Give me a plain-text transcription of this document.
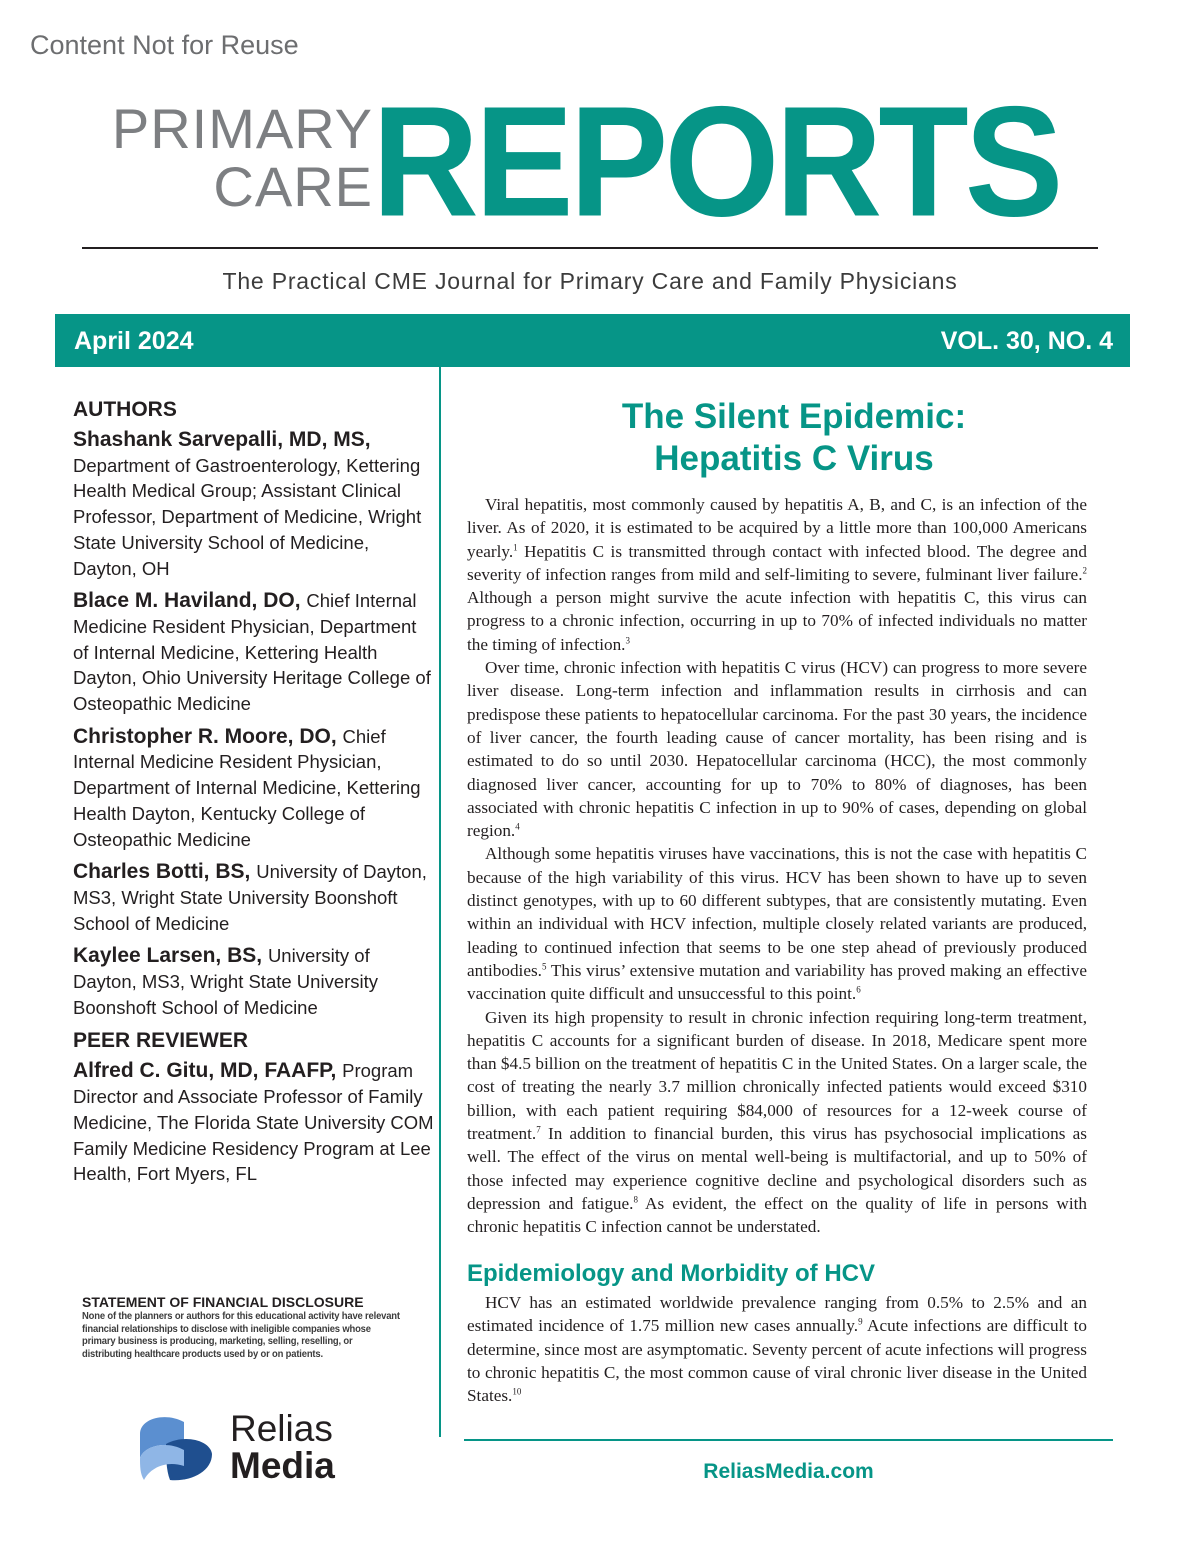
Content Not for Reuse
PRIMARY
CARE REPORTS
The Practical CME Journal for Primary Care and Family Physicians
April 2024	VOL. 30, NO. 4
AUTHORS
Shashank Sarvepalli, MD, MS, Department of Gastroenterology, Kettering Health Medical Group; Assistant Clinical Professor, Department of Medicine, Wright State University School of Medicine, Dayton, OH
Blace M. Haviland, DO, Chief Internal Medicine Resident Physician, Department of Internal Medicine, Kettering Health Dayton, Ohio University Heritage College of Osteopathic Medicine
Christopher R. Moore, DO, Chief Internal Medicine Resident Physician, Department of Internal Medicine, Kettering Health Dayton, Kentucky College of Osteopathic Medicine
Charles Botti, BS, University of Dayton, MS3, Wright State University Boonshoft School of Medicine
Kaylee Larsen, BS, University of Dayton, MS3, Wright State University Boonshoft School of Medicine
PEER REVIEWER
Alfred C. Gitu, MD, FAAFP, Program Director and Associate Professor of Family Medicine, The Florida State University COM Family Medicine Residency Program at Lee Health, Fort Myers, FL
STATEMENT OF FINANCIAL DISCLOSURE
None of the planners or authors for this educational activity have relevant financial relationships to disclose with ineligible companies whose primary business is producing, marketing, selling, reselling, or distributing healthcare products used by or on patients.
Relias
Media
The Silent Epidemic:
Hepatitis C Virus

Viral hepatitis, most commonly caused by hepatitis A, B, and C, is an infection of the liver. As of 2020, it is estimated to be acquired by a little more than 100,000 Americans yearly.$^1$ Hepatitis C is transmitted through contact with infected blood. The degree and severity of infection ranges from mild and self-limiting to severe, fulminant liver failure.$^2$ Although a person might survive the acute infection with hepatitis C, this virus can progress to a chronic infection, occurring in up to 70% of infected individuals no matter the timing of infection.$^3$

Over time, chronic infection with hepatitis C virus (HCV) can progress to more severe liver disease. Long-term infection and inflammation results in cirrhosis and can predispose these patients to hepatocellular carcinoma. For the past 30 years, the incidence of liver cancer, the fourth leading cause of cancer mortality, has been rising and is estimated to do so until 2030. Hepatocellular carcinoma (HCC), the most commonly diagnosed liver cancer, accounting for up to 70% to 80% of diagnoses, has been associated with chronic hepatitis C infection in up to 90% of cases, depending on global region.$^4$

Although some hepatitis viruses have vaccinations, this is not the case with hepatitis C because of the high variability of this virus. HCV has been shown to have up to seven distinct genotypes, with up to 60 different subtypes, that are consistently mutating. Even within an individual with HCV infection, multiple closely related variants are produced, leading to continued infection that seems to be one step ahead of previously produced antibodies.$^5$ This virus’ extensive mutation and variability has proved making an effective vaccination quite difficult and unsuccessful to this point.$^6$

Given its high propensity to result in chronic infection requiring long-term treatment, hepatitis C accounts for a significant burden of disease. In 2018, Medicare spent more than $4.5 billion on the treatment of hepatitis C in the United States. On a larger scale, the cost of treating the nearly 3.7 million chronically infected patients would exceed $310 billion, with each patient requiring $84,000 of resources for a 12-week course of treatment.$^7$ In addition to financial burden, this virus has psychosocial implications as well. The effect of the virus on mental well-being is multifactorial, and up to 50% of those infected may experience cognitive decline and psychological disorders such as depression and fatigue.$^8$ As evident, the effect on the quality of life in persons with chronic hepatitis C infection cannot be understated.

Epidemiology and Morbidity of HCV

HCV has an estimated worldwide prevalence ranging from 0.5% to 2.5% and an estimated incidence of 1.75 million new cases annually.$^9$ Acute infections are difficult to determine, since most are asymptomatic. Seventy percent of acute infections will progress to chronic hepatitis C, the most common cause of viral chronic liver disease in the United States.$^{10}$

ReliasMedia.com
